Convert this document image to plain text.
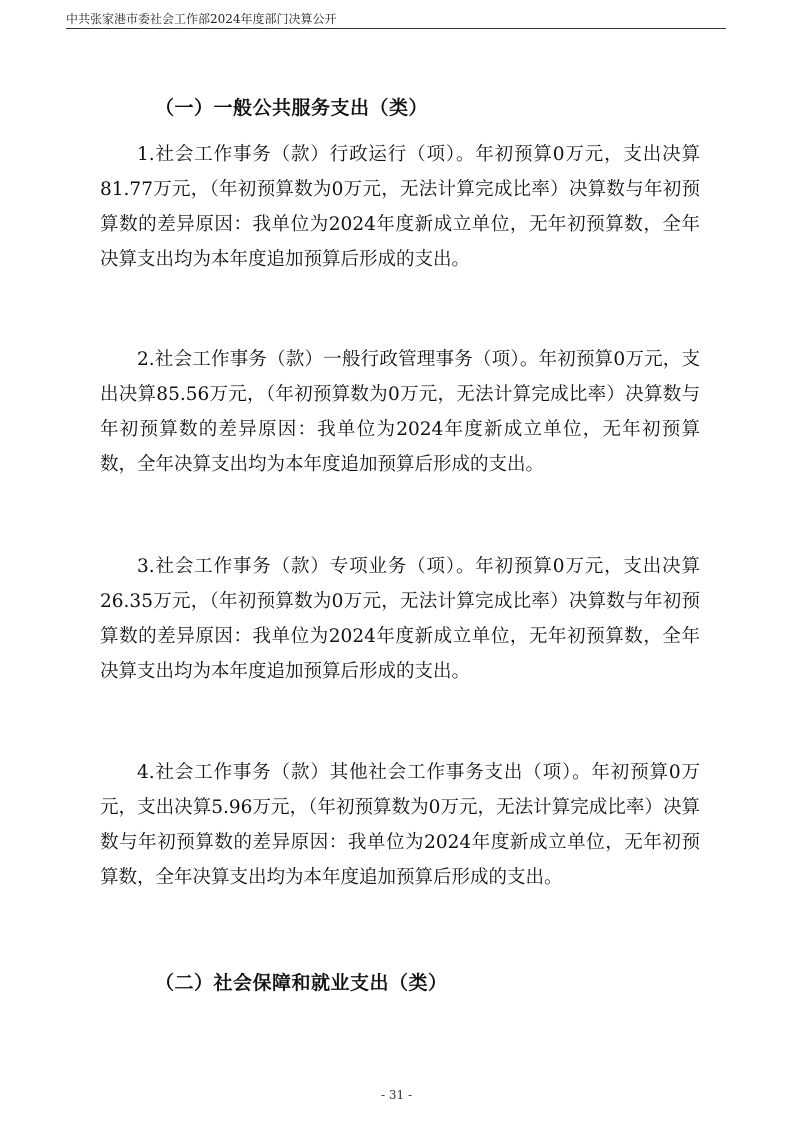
中共张家港市委社会工作部2024年度部门决算公开
（一）一般公共服务支出（类）
1.社会工作事务（款）行政运行（项）。年初预算0万元，支出决算81.77万元，（年初预算数为0万元，无法计算完成比率）决算数与年初预算数的差异原因：我单位为2024年度新成立单位，无年初预算数，全年决算支出均为本年度追加预算后形成的支出。
2.社会工作事务（款）一般行政管理事务（项）。年初预算0万元，支出决算85.56万元，（年初预算数为0万元，无法计算完成比率）决算数与年初预算数的差异原因：我单位为2024年度新成立单位，无年初预算数，全年决算支出均为本年度追加预算后形成的支出。
3.社会工作事务（款）专项业务（项）。年初预算0万元，支出决算26.35万元，（年初预算数为0万元，无法计算完成比率）决算数与年初预算数的差异原因：我单位为2024年度新成立单位，无年初预算数，全年决算支出均为本年度追加预算后形成的支出。
4.社会工作事务（款）其他社会工作事务支出（项）。年初预算0万元，支出决算5.96万元，（年初预算数为0万元，无法计算完成比率）决算数与年初预算数的差异原因：我单位为2024年度新成立单位，无年初预算数，全年决算支出均为本年度追加预算后形成的支出。
（二）社会保障和就业支出（类）
- 31 -
